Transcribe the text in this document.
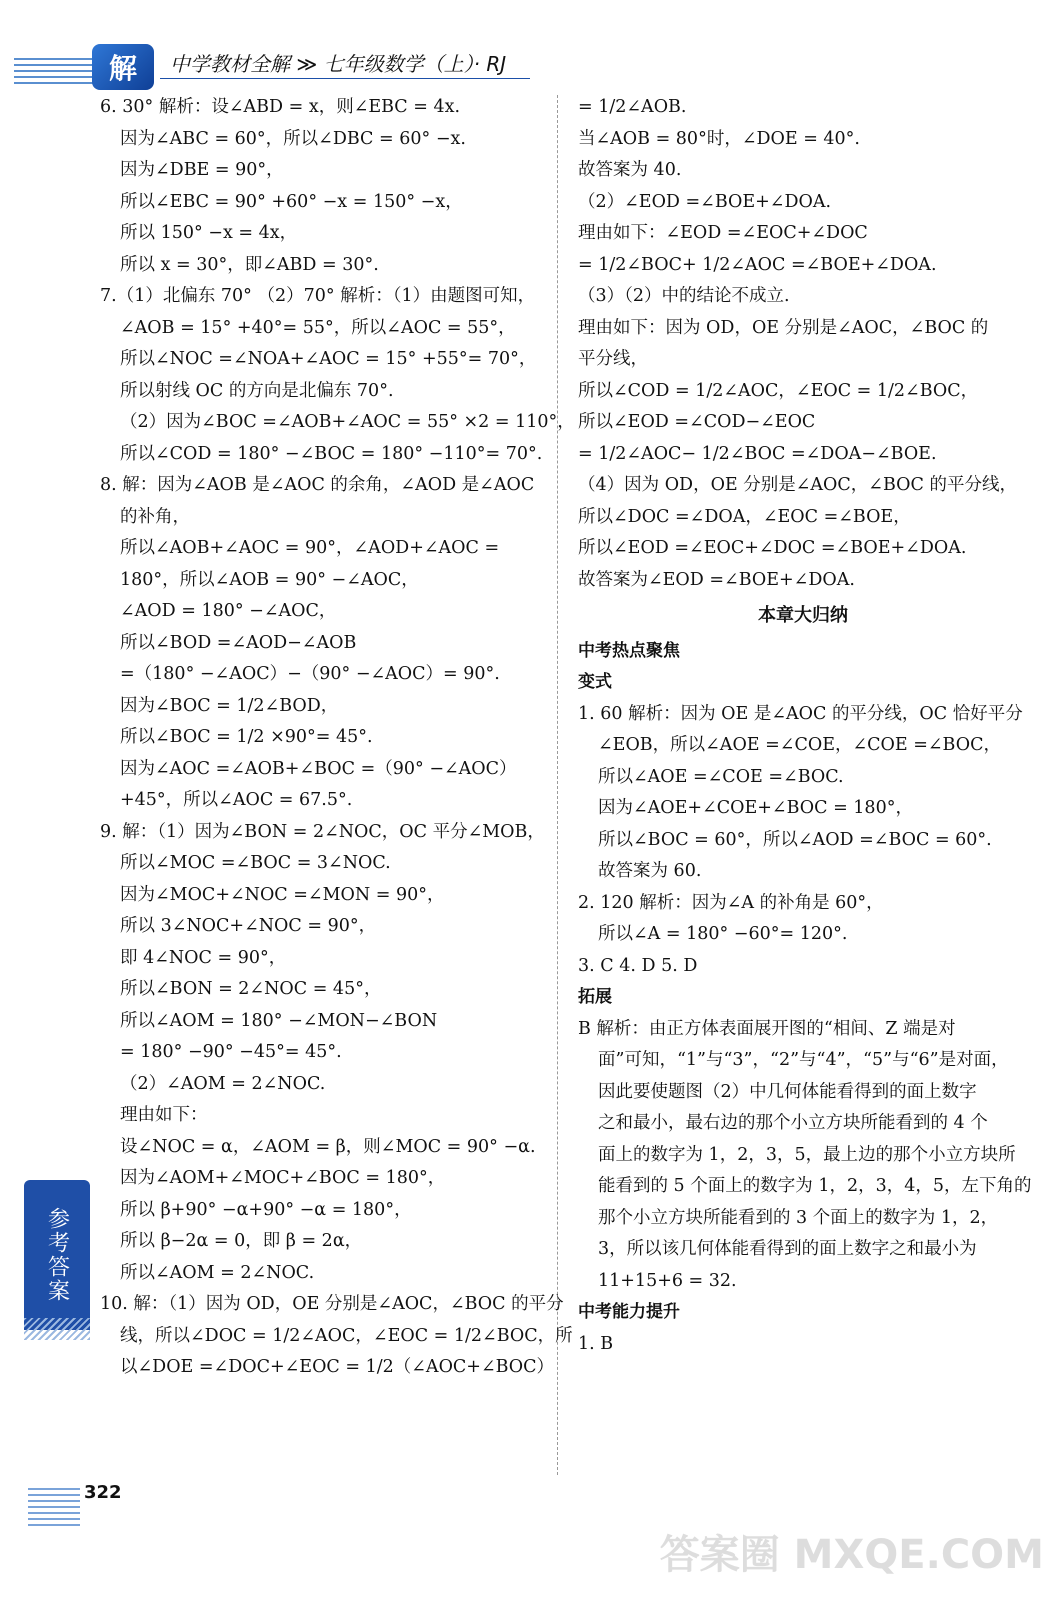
解	中学教材全解 ≫ 七年级数学（上）· RJ
6. 30° 解析：设∠ABD = x，则∠EBC = 4x.
因为∠ABC = 60°，所以∠DBC = 60° −x.
因为∠DBE = 90°，
所以∠EBC = 90° +60° −x = 150° −x，
所以 150° −x = 4x，
所以 x = 30°，即∠ABD = 30°.
7.（1）北偏东 70° （2）70° 解析：（1）由题图可知，
∠AOB = 15° +40°= 55°，所以∠AOC = 55°，
所以∠NOC =∠NOA+∠AOC = 15° +55°= 70°，
所以射线 OC 的方向是北偏东 70°.
（2）因为∠BOC =∠AOB+∠AOC = 55° ×2 = 110°，
所以∠COD = 180° −∠BOC = 180° −110°= 70°.
8. 解：因为∠AOB 是∠AOC 的余角，∠AOD 是∠AOC
的补角，
所以∠AOB+∠AOC = 90°，∠AOD+∠AOC =
180°，所以∠AOB = 90° −∠AOC，
∠AOD = 180° −∠AOC，
所以∠BOD =∠AOD−∠AOB
=（180° −∠AOC）−（90° −∠AOC）= 90°.
因为∠BOC = 1/2∠BOD，
所以∠BOC = 1/2 ×90°= 45°.
因为∠AOC =∠AOB+∠BOC =（90° −∠AOC）
+45°，所以∠AOC = 67.5°.
9. 解：（1）因为∠BON = 2∠NOC，OC 平分∠MOB，
所以∠MOC =∠BOC = 3∠NOC.
因为∠MOC+∠NOC =∠MON = 90°，
所以 3∠NOC+∠NOC = 90°，
即 4∠NOC = 90°，
所以∠BON = 2∠NOC = 45°，
所以∠AOM = 180° −∠MON−∠BON
= 180° −90° −45°= 45°.
（2）∠AOM = 2∠NOC.
理由如下：
设∠NOC = α，∠AOM = β，则∠MOC = 90° −α.
因为∠AOM+∠MOC+∠BOC = 180°，
所以 β+90° −α+90° −α = 180°，
所以 β−2α = 0，即 β = 2α，
所以∠AOM = 2∠NOC.
10. 解：（1）因为 OD，OE 分别是∠AOC，∠BOC 的平分
线，所以∠DOC = 1/2∠AOC，∠EOC = 1/2∠BOC，所
以∠DOE =∠DOC+∠EOC = 1/2（∠AOC+∠BOC）
= 1/2∠AOB.
当∠AOB = 80°时，∠DOE = 40°.
故答案为 40.
（2）∠EOD =∠BOE+∠DOA.
理由如下：∠EOD =∠EOC+∠DOC
= 1/2∠BOC+ 1/2∠AOC =∠BOE+∠DOA.
（3）（2）中的结论不成立.
理由如下：因为 OD，OE 分别是∠AOC，∠BOC 的
平分线，
所以∠COD = 1/2∠AOC，∠EOC = 1/2∠BOC，
所以∠EOD =∠COD−∠EOC
= 1/2∠AOC− 1/2∠BOC =∠DOA−∠BOE.
（4）因为 OD，OE 分别是∠AOC，∠BOC 的平分线，
所以∠DOC =∠DOA，∠EOC =∠BOE，
所以∠EOD =∠EOC+∠DOC =∠BOE+∠DOA.
故答案为∠EOD =∠BOE+∠DOA.
本章大归纳
中考热点聚焦
变式
1. 60 解析：因为 OE 是∠AOC 的平分线，OC 恰好平分
∠EOB，所以∠AOE =∠COE，∠COE =∠BOC，
所以∠AOE =∠COE =∠BOC.
因为∠AOE+∠COE+∠BOC = 180°，
所以∠BOC = 60°，所以∠AOD =∠BOC = 60°.
故答案为 60.
2. 120 解析：因为∠A 的补角是 60°，
所以∠A = 180° −60°= 120°.
3. C 4. D 5. D
拓展
B 解析：由正方体表面展开图的“相间、Z 端是对
面”可知，“1”与“3”，“2”与“4”，“5”与“6”是对面，
因此要使题图（2）中几何体能看得到的面上数字
之和最小，最右边的那个小立方块所能看到的 4 个
面上的数字为 1，2，3，5，最上边的那个小立方块所
能看到的 5 个面上的数字为 1，2，3，4，5，左下角的
那个小立方块所能看到的 3 个面上的数字为 1，2，
3，所以该几何体能看得到的面上数字之和最小为
11+15+6 = 32.
中考能力提升
1. B
参考答案
322
答案圈 MXQE.COM
